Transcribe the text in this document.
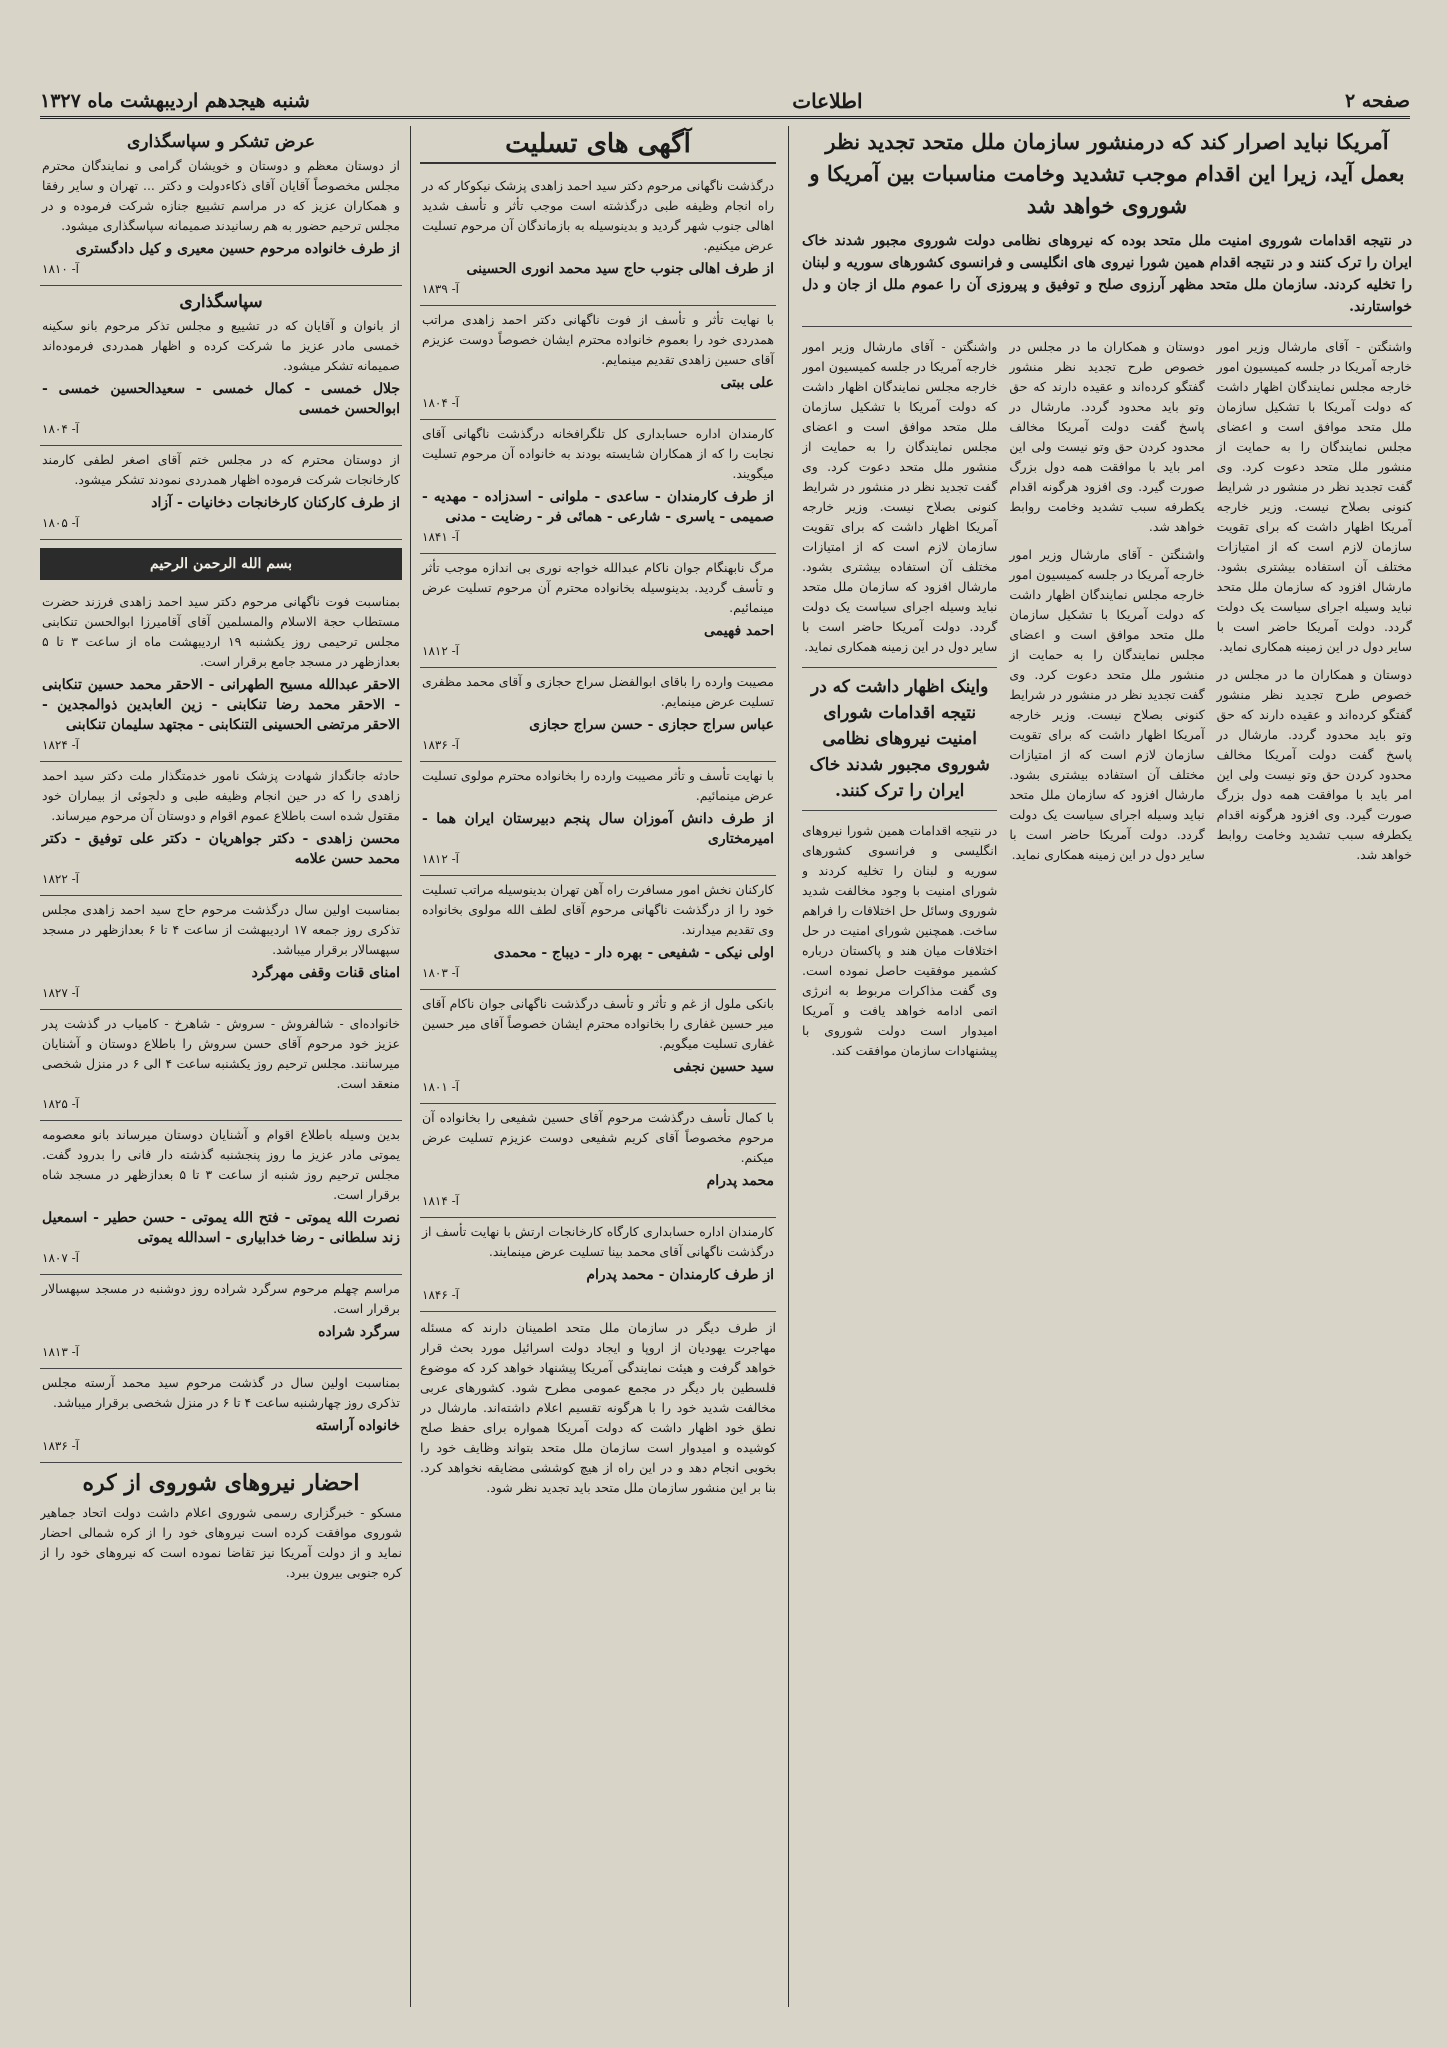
صفحه ۲
اطلاعات
شنبه هیجدهم اردیبهشت ماه ۱۳۲۷
آمریکا نباید اصرار کند که درمنشور سازمان ملل متحد تجدید نظر بعمل آید، زیرا این اقدام موجب تشدید وخامت مناسبات بین آمریکا و شوروی خواهد شد
در نتیجه اقدامات شوروی امنیت ملل متحد بوده که نیروهای نظامی دولت شوروی مجبور شدند خاک ایران را ترک کنند و در نتیجه اقدام همین شورا نیروی های انگلیسی و فرانسوی کشورهای سوریه و لبنان را تخلیه کردند. سازمان ملل متحد مظهر آرزوی صلح و توفیق و پیروزی آن را عموم ملل از جان و دل خواستارند.

واشنگتن - آقای مارشال وزیر امور خارجه آمریکا در جلسه کمیسیون امور خارجه مجلس نمایندگان اظهار داشت که دولت آمریکا با تشکیل سازمان ملل متحد موافق است و اعضای مجلس نمایندگان را به حمایت از منشور ملل متحد دعوت کرد. وی گفت تجدید نظر در منشور در شرایط کنونی بصلاح نیست. وزیر خارجه آمریکا اظهار داشت که برای تقویت سازمان لازم است که از امتیازات مختلف آن استفاده بیشتری بشود. مارشال افزود که سازمان ملل متحد نباید وسیله اجرای سیاست یک دولت گردد. دولت آمریکا حاضر است با سایر دول در این زمینه همکاری نماید.

دوستان و همکاران ما در مجلس در خصوص طرح تجدید نظر منشور گفتگو کرده‌اند و عقیده دارند که حق وتو باید محدود گردد. مارشال در پاسخ گفت دولت آمریکا مخالف محدود کردن حق وتو نیست ولی این امر باید با موافقت همه دول بزرگ صورت گیرد. وی افزود هرگونه اقدام یکطرفه سبب تشدید وخامت روابط خواهد شد.

دوستان و همکاران ما در مجلس در خصوص طرح تجدید نظر منشور گفتگو کرده‌اند و عقیده دارند که حق وتو باید محدود گردد. مارشال در پاسخ گفت دولت آمریکا مخالف محدود کردن حق وتو نیست ولی این امر باید با موافقت همه دول بزرگ صورت گیرد. وی افزود هرگونه اقدام یکطرفه سبب تشدید وخامت روابط خواهد شد.

واشنگتن - آقای مارشال وزیر امور خارجه آمریکا در جلسه کمیسیون امور خارجه مجلس نمایندگان اظهار داشت که دولت آمریکا با تشکیل سازمان ملل متحد موافق است و اعضای مجلس نمایندگان را به حمایت از منشور ملل متحد دعوت کرد. وی گفت تجدید نظر در منشور در شرایط کنونی بصلاح نیست. وزیر خارجه آمریکا اظهار داشت که برای تقویت سازمان لازم است که از امتیازات مختلف آن استفاده بیشتری بشود. مارشال افزود که سازمان ملل متحد نباید وسیله اجرای سیاست یک دولت گردد. دولت آمریکا حاضر است با سایر دول در این زمینه همکاری نماید.

واشنگتن - آقای مارشال وزیر امور خارجه آمریکا در جلسه کمیسیون امور خارجه مجلس نمایندگان اظهار داشت که دولت آمریکا با تشکیل سازمان ملل متحد موافق است و اعضای مجلس نمایندگان را به حمایت از منشور ملل متحد دعوت کرد. وی گفت تجدید نظر در منشور در شرایط کنونی بصلاح نیست. وزیر خارجه آمریکا اظهار داشت که برای تقویت سازمان لازم است که از امتیازات مختلف آن استفاده بیشتری بشود. مارشال افزود که سازمان ملل متحد نباید وسیله اجرای سیاست یک دولت گردد. دولت آمریکا حاضر است با سایر دول در این زمینه همکاری نماید.

واینک اظهار داشت که در نتیجه اقدامات شورای امنیت نیروهای نظامی شوروی مجبور شدند خاک ایران را ترک کنند.

در نتیجه اقدامات همین شورا نیروهای انگلیسی و فرانسوی کشورهای سوریه و لبنان را تخلیه کردند و شورای امنیت با وجود مخالفت شدید شوروی وسائل حل اختلافات را فراهم ساخت. همچنین شورای امنیت در حل اختلافات میان هند و پاکستان درباره کشمیر موفقیت حاصل نموده است. وی گفت مذاکرات مربوط به انرژی اتمی ادامه خواهد یافت و آمریکا امیدوار است دولت شوروی با پیشنهادات سازمان موافقت کند.

آگهی های تسلیت

درگذشت ناگهانی مرحوم دکتر سید احمد زاهدی پزشک نیکوکار که در راه انجام وظیفه طبی درگذشته است موجب تأثر و تأسف شدید اهالی جنوب شهر گردید و بدینوسیله به بازماندگان آن مرحوم تسلیت عرض میکنیم.

از طرف اهالی جنوب حاج سید محمد انوری الحسینی
آ- ۱۸۳۹

با نهایت تأثر و تأسف از فوت ناگهانی دکتر احمد زاهدی مراتب همدردی خود را بعموم خانواده محترم ایشان خصوصاً دوست عزیزم آقای حسین زاهدی تقدیم مینمایم.

علی ببتی
آ- ۱۸۰۴

کارمندان اداره حسابداری کل تلگرافخانه درگذشت ناگهانی آقای نجابت را که از همکاران شایسته بودند به خانواده آن مرحوم تسلیت میگویند.

از طرف کارمندان - ساعدی - ملوانی - اسدزاده - مهدیه - صمیمی - یاسری - شارعی - همائی فر - رضایت - مدنی
آ- ۱۸۴۱

مرگ نابهنگام جوان ناکام عبدالله خواجه نوری بی اندازه موجب تأثر و تأسف گردید. بدینوسیله بخانواده محترم آن مرحوم تسلیت عرض مینمائیم.

احمد فهیمی
آ- ۱۸۱۲

مصیبت وارده را باقای ابوالفضل سراج حجازی و آقای محمد مظفری تسلیت عرض مینمایم.

عباس سراج حجازی - حسن سراج حجازی
آ- ۱۸۳۶

با نهایت تأسف و تأثر مصیبت وارده را بخانواده محترم مولوی تسلیت عرض مینمائیم.

از طرف دانش آموزان سال پنجم دبیرستان ایران هما - امیرمختاری
آ- ۱۸۱۲

کارکنان نخش امور مسافرت راه آهن تهران بدینوسیله مراتب تسلیت خود را از درگذشت ناگهانی مرحوم آقای لطف الله مولوی بخانواده وی تقدیم میدارند.

اولی نیکی - شفیعی - بهره دار - دیباج - محمدی
آ- ۱۸۰۳

بانکی ملول از غم و تأثر و تأسف درگذشت ناگهانی جوان ناکام آقای میر حسین غفاری را بخانواده محترم ایشان خصوصاً آقای میر حسین غفاری تسلیت میگویم.

سید حسین نجفی
آ- ۱۸۰۱

با کمال تأسف درگذشت مرحوم آقای حسین شفیعی را بخانواده آن مرحوم مخصوصاً آقای کریم شفیعی دوست عزیزم تسلیت عرض میکنم.

محمد پدرام
آ- ۱۸۱۴

کارمندان اداره حسابداری کارگاه کارخانجات ارتش با نهایت تأسف از درگذشت ناگهانی آقای محمد بینا تسلیت عرض مینمایند.

از طرف کارمندان - محمد پدرام
آ- ۱۸۴۶

از طرف دیگر در سازمان ملل متحد اطمینان دارند که مسئله مهاجرت یهودیان از اروپا و ایجاد دولت اسرائیل مورد بحث قرار خواهد گرفت و هیئت نمایندگی آمریکا پیشنهاد خواهد کرد که موضوع فلسطین بار دیگر در مجمع عمومی مطرح شود. کشورهای عربی مخالفت شدید خود را با هرگونه تقسیم اعلام داشته‌اند. مارشال در نطق خود اظهار داشت که دولت آمریکا همواره برای حفظ صلح کوشیده و امیدوار است سازمان ملل متحد بتواند وظایف خود را بخوبی انجام دهد و در این راه از هیچ کوششی مضایقه نخواهد کرد. بنا بر این منشور سازمان ملل متحد باید تجدید نظر شود.

عرض تشکر و سپاسگذاری

از دوستان معظم و دوستان و خویشان گرامی و نمایندگان محترم مجلس مخصوصاً آقایان آقای ذکاء‌دولت و دکتر ... تهران و سایر رفقا و همکاران عزیز که در مراسم تشییع جنازه شرکت فرموده و در مجلس ترحیم حضور به هم رسانیدند صمیمانه سپاسگذاری میشود.

از طرف خانواده مرحوم حسین معیری و کیل دادگستری
آ- ۱۸۱۰
سپاسگذاری

از بانوان و آقایان که در تشییع و مجلس تذکر مرحوم بانو سکینه خمسی مادر عزیز ما شرکت کرده و اظهار همدردی فرموده‌اند صمیمانه تشکر میشود.

جلال خمسی - کمال خمسی - سعیدالحسین خمسی - ابوالحسن خمسی
آ- ۱۸۰۴

از دوستان محترم که در مجلس ختم آقای اصغر لطفی کارمند کارخانجات شرکت فرموده اظهار همدردی نمودند تشکر میشود.

از طرف کارکنان کارخانجات دخانیات - آزاد
آ- ۱۸۰۵
بسم الله الرحمن الرحیم

بمناسبت فوت ناگهانی مرحوم دکتر سید احمد زاهدی فرزند حضرت مستطاب حجة الاسلام والمسلمین آقای آقامیرزا ابوالحسن تنکابنی مجلس ترحیمی روز یکشنبه ۱۹ اردیبهشت ماه از ساعت ۳ تا ۵ بعدازظهر در مسجد جامع برقرار است.

الاحقر عبدالله مسیح الطهرانی - الاحقر محمد حسین تنکابنی - الاحقر محمد رضا تنکابنی - زین العابدین ذوالمجدین - الاحقر مرتضی الحسینی التنکابنی - مجتهد سلیمان تنکابنی
آ- ۱۸۲۴

حادثه جانگداز شهادت پزشک نامور خدمتگذار ملت دکتر سید احمد زاهدی را که در حین انجام وظیفه طبی و دلجوئی از بیماران خود مقتول شده است باطلاع عموم اقوام و دوستان آن مرحوم میرساند.

محسن زاهدی - دکتر جواهریان - دکتر علی توفیق - دکتر محمد حسن علامه
آ- ۱۸۲۲

بمناسبت اولین سال درگذشت مرحوم حاج سید احمد زاهدی مجلس تذکری روز جمعه ۱۷ اردیبهشت از ساعت ۴ تا ۶ بعدازظهر در مسجد سپهسالار برقرار میباشد.

امنای قنات وقفی مهرگرد
آ- ۱۸۲۷

خانواده‌ای - شالفروش - سروش - شاهرخ - کامیاب در گذشت پدر عزیز خود مرحوم آقای حسن سروش را باطلاع دوستان و آشنایان میرسانند. مجلس ترحیم روز یکشنبه ساعت ۴ الی ۶ در منزل شخصی منعقد است.

آ- ۱۸۲۵

بدین وسیله باطلاع اقوام و آشنایان دوستان میرساند بانو معصومه یموتی مادر عزیز ما روز پنجشنبه گذشته دار فانی را بدرود گفت. مجلس ترحیم روز شنبه از ساعت ۳ تا ۵ بعدازظهر در مسجد شاه برقرار است.

نصرت الله یموتی - فتح الله یموتی - حسن حطیر - اسمعیل زند سلطانی - رضا خدابیاری - اسدالله یموتی
آ- ۱۸۰۷

مراسم چهلم مرحوم سرگرد شراده روز دوشنبه در مسجد سپهسالار برقرار است.

سرگرد شراده
آ- ۱۸۱۳

بمناسبت اولین سال در گذشت مرحوم سید محمد آرسته مجلس تذکری روز چهارشنبه ساعت ۴ تا ۶ در منزل شخصی برقرار میباشد.

خانواده آراسته
آ- ۱۸۳۶
احضار نیروهای شوروی از کره

مسکو - خبرگزاری رسمی شوروی اعلام داشت دولت اتحاد جماهیر شوروی موافقت کرده است نیروهای خود را از کره شمالی احضار نماید و از دولت آمریکا نیز تقاضا نموده است که نیروهای خود را از کره جنوبی بیرون ببرد.
